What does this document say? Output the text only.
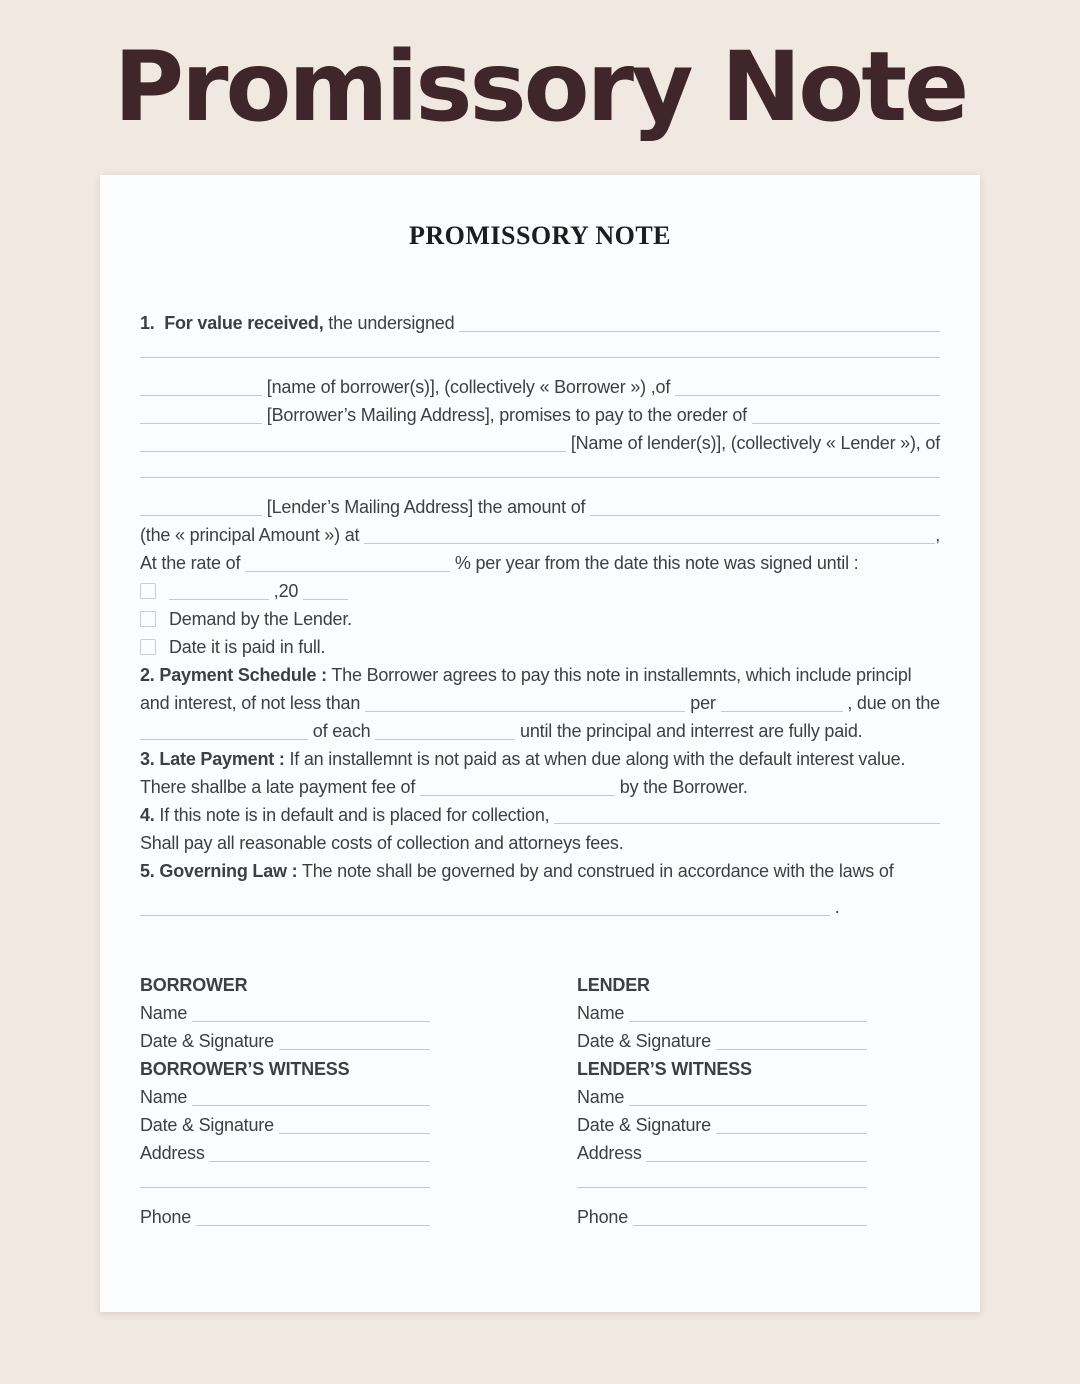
Promissory Note
PROMISSORY NOTE
1.  For value received, the undersigned
[name of borrower(s)], (collectively « Borrower ») ,of
[Borrower’s Mailing Address], promises to pay to the oreder of
[Name of lender(s)], (collectively « Lender »), of
[Lender’s Mailing Address] the amount of
(the « principal Amount ») at	,
At the rate of	% per year from the date this note was signed until :
,20
Demand by the Lender.
Date it is paid in full.
2. Payment Schedule : The Borrower agrees to pay this note in installemnts, which include principl
and interest, of not less than	per	, due on the
of each	until the principal and interrest are fully paid.
3. Late Payment : If an installemnt is not paid as at when due along with the default interest value.
There shallbe a late payment fee of	by the Borrower.
4. If this note is in default and is placed for collection,
Shall pay all reasonable costs of collection and attorneys fees.
5. Governing Law : The note shall be governed by and construed in accordance with the laws of
.
BORROWER
Name
Date & Signature
BORROWER’S WITNESS
Name
Date & Signature
Address
Phone
LENDER
Name
Date & Signature
LENDER’S WITNESS
Name
Date & Signature
Address
Phone
